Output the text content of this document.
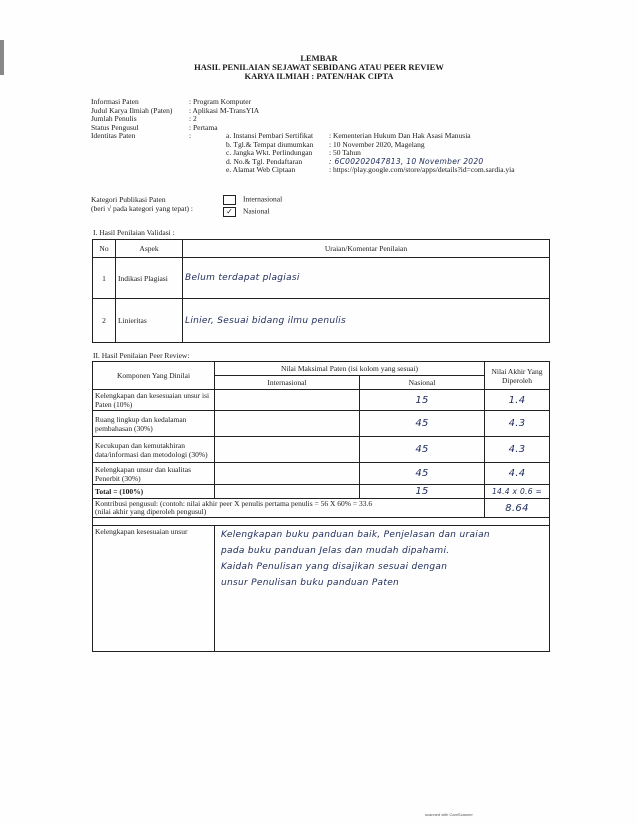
LEMBAR
HASIL PENILAIAN SEJAWAT SEBIDANG ATAU PEER REVIEW
KARYA ILMIAH : PATEN/HAK CIPTA
Informasi Paten	: Program Komputer
Judul Karya Ilmiah (Paten)	: Aplikasi M-TransYIA
Jumlah Penulis	: 2
Status Pengusul	: Pertama
Identitas Paten	:	a. Instansi Pembari Sertifikat	: Kementerian Hukum Dan Hak Asasi Manusia
b. Tgl.& Tempat diumumkan	: 10 November 2020, Magelang
c. Jangka Wkt. Perlindungan	: 50 Tahun
d. No.& Tgl. Pendaftaran	: 6C00202047813, 10 November 2020
e. Alamat Web Ciptaan	: https://play.google.com/store/apps/details?id=com.sardia.yia
Kategori Publikasi Paten
(beri √ pada kategori yang tepat) :
Internasional
✓ Nasional
I. Hasil Penilaian Validasi :
No	Aspek	Uraian/Komentar Penilaian
1	Indikasi Plagiasi	Belum terdapat plagiasi
2	Linieritas	Linier, Sesuai bidang ilmu penulis
II. Hasil Penilaian Peer Review:
Komponen Yang Dinilai	Nilai Maksimal Paten (isi kolom yang sesuai)		Nilai Akhir Yang Diperoleh
	Internasional	Nasional	
Kelengkapan dan kesesuaian unsur isi Paten (10%)		15	1.4
Ruang lingkup dan kedalaman pembahasan (30%)		45	4.3
Kecukupan dan kemutakhiran data/informasi dan metodologi (30%)		45	4.3
Kelengkapan unsur dan kualitas Penerbit (30%)		45	4.4
Total = (100%)		15	14.4 x 0.6 =

Kontribusi pengusul: (contoh: nilai akhir peer X penulis pertama penulis = 56 X 60% = 33.6
(nilai akhir yang diperoleh pengusul)			8.64

Kelengkapan kesesuaian unsur	Kelengkapan buku panduan baik, Penjelasan dan uraian
pada buku panduan Jelas dan mudah dipahami.
Kaidah Penulisan yang disajikan sesuai dengan
unsur Penulisan buku panduan Paten		
scanned with CamScanner
